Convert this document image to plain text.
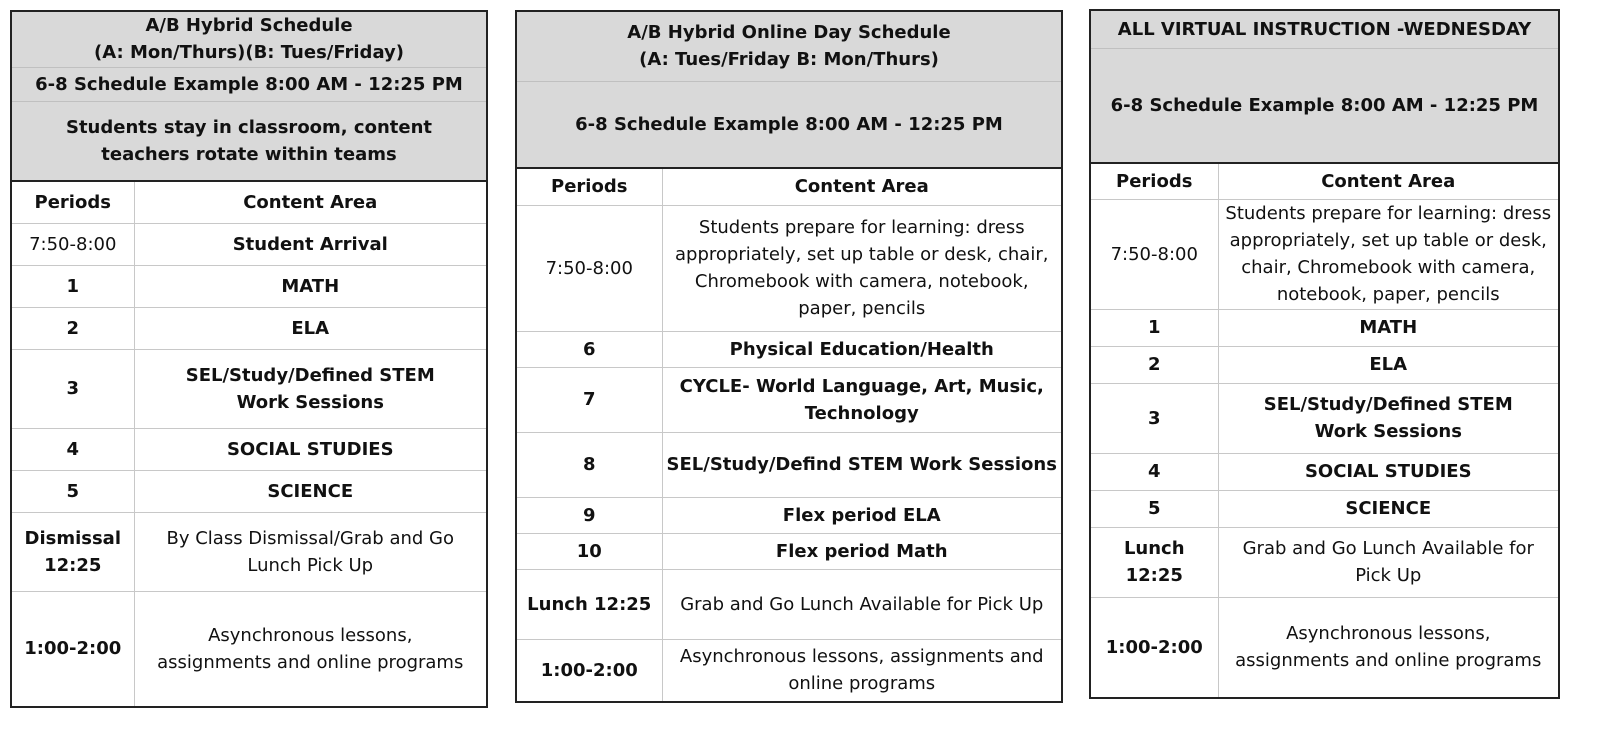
A/B Hybrid Schedule
(A: Mon/Thurs)(B: Tues/Friday)	
6-8 Schedule Example 8:00 AM - 12:25 PM	
Students stay in classroom, content teachers rotate within teams	
Periods	Content Area
7:50-8:00	Student Arrival
1	MATH
2	ELA
3	SEL/Study/Defined STEM Work Sessions
4	SOCIAL STUDIES
5	SCIENCE
Dismissal 12:25	By Class Dismissal/Grab and Go Lunch Pick Up
1:00-2:00	Asynchronous lessons, assignments and online programs
A/B Hybrid Online Day Schedule
(A: Tues/Friday B: Mon/Thurs)	
6-8 Schedule Example 8:00 AM - 12:25 PM	
Periods	Content Area
7:50-8:00	Students prepare for learning: dress appropriately, set up table or desk, chair, Chromebook with camera, notebook, paper, pencils
6	Physical Education/Health
7	CYCLE- World Language, Art, Music, Technology
8	SEL/Study/Defind STEM Work Sessions
9	Flex period ELA
10	Flex period Math
Lunch 12:25	Grab and Go Lunch Available for Pick Up
1:00-2:00	Asynchronous lessons, assignments and online programs
ALL VIRTUAL INSTRUCTION -WEDNESDAY	
6-8 Schedule Example 8:00 AM - 12:25 PM	
Periods	Content Area
7:50-8:00	Students prepare for learning: dress appropriately, set up table or desk, chair, Chromebook with camera, notebook, paper, pencils
1	MATH
2	ELA
3	SEL/Study/Defined STEM Work Sessions
4	SOCIAL STUDIES
5	SCIENCE
Lunch 12:25	Grab and Go Lunch Available for Pick Up
1:00-2:00	Asynchronous lessons, assignments and online programs
